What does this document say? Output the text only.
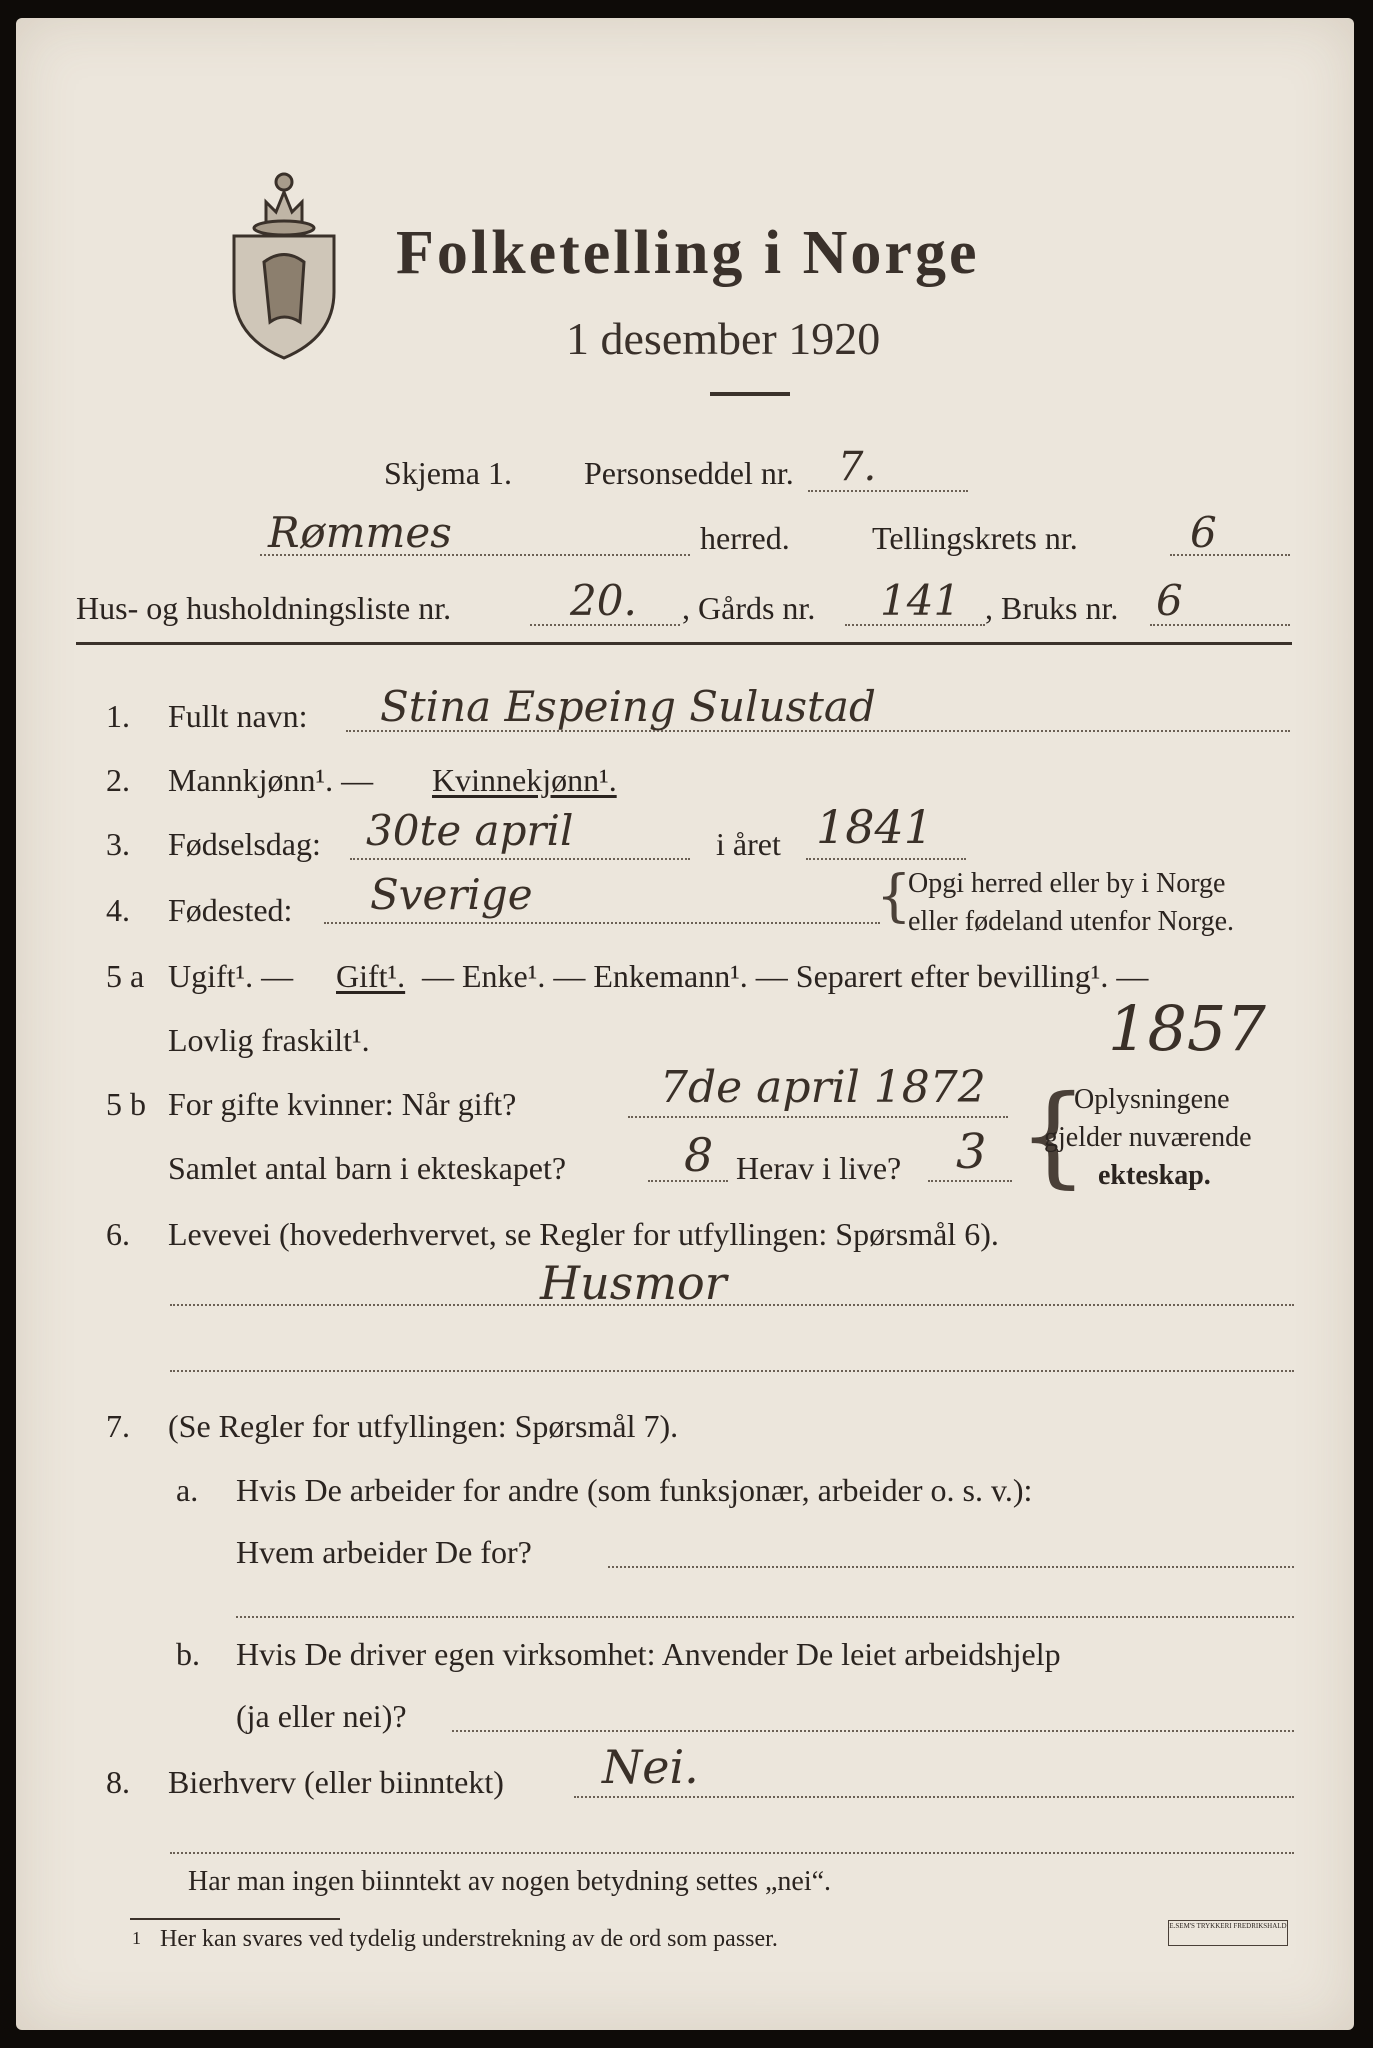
Folketelling i Norge
1 desember 1920
Skjema 1. Personseddel nr. 7.
Rømmes	herred.	Tellingskrets nr.	6
Hus- og husholdningsliste nr.	20. , Gårds nr. 141 , Bruks nr. 6
1. Fullt navn: Stina Espeing Sulustad
2. Mannkjønn¹. — Kvinnekjønn¹.
3. Fødselsdag: 30te april	i året 1841
4. Fødested: Sverige	{
Opgi herred eller by i Norge
eller fødeland utenfor Norge.
5 a Ugift¹. — Gift¹. — Enke¹. — Enkemann¹. — Separert efter bevilling¹. —
Lovlig fraskilt¹.	1857
5 b For gifte kvinner: Når gift?	7de april 1872
Samlet antal barn i ekteskapet?	8 Herav i live? 3 {
Oplysningene
gjelder nuværende
ekteskap.
6. Levevei (hovederhvervet, se Regler for utfyllingen: Spørsmål 6).
Husmor
7. (Se Regler for utfyllingen: Spørsmål 7).
a. Hvis De arbeider for andre (som funksjonær, arbeider o. s. v.):
Hvem arbeider De for?
b. Hvis De driver egen virksomhet: Anvender De leiet arbeidshjelp
(ja eller nei)?
8. Bierhverv (eller biinntekt) Nei.
Har man ingen biinntekt av nogen betydning settes „nei“.
1 Her kan svares ved tydelig understrekning av de ord som passer.	E.SEM'S TRYKKERI FREDRIKSHALD
